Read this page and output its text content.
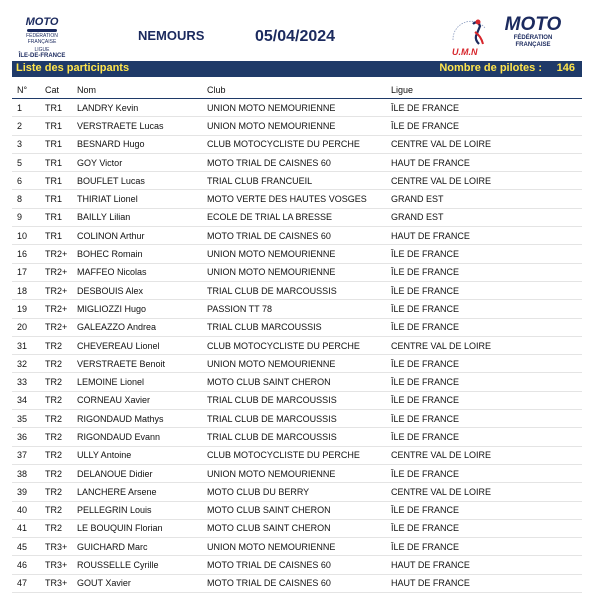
MOTO
FÉDÉRATION FRANÇAISE
LIGUE
ÎLE-DE-FRANCE
NEMOURS	05/04/2024
U.M.N
MOTO
FÉDÉRATION FRANÇAISE
Liste des participants	Nombre de pilotes : 146
N°	Cat	Nom	Club	Ligue
1	TR1	LANDRY Kevin	UNION MOTO NEMOURIENNE	ÎLE DE FRANCE
2	TR1	VERSTRAETE Lucas	UNION MOTO NEMOURIENNE	ÎLE DE FRANCE
3	TR1	BESNARD Hugo	CLUB MOTOCYCLISTE DU PERCHE	CENTRE VAL DE LOIRE
5	TR1	GOY Victor	MOTO TRIAL DE CAISNES 60	HAUT DE FRANCE
6	TR1	BOUFLET Lucas	TRIAL CLUB FRANCUEIL	CENTRE VAL DE LOIRE
8	TR1	THIRIAT Lionel	MOTO VERTE DES HAUTES VOSGES	GRAND EST
9	TR1	BAILLY Lilian	ECOLE DE TRIAL LA BRESSE	GRAND EST
10	TR1	COLINON Arthur	MOTO TRIAL DE CAISNES 60	HAUT DE FRANCE
16	TR2+	BOHEC Romain	UNION MOTO NEMOURIENNE	ÎLE DE FRANCE
17	TR2+	MAFFEO Nicolas	UNION MOTO NEMOURIENNE	ÎLE DE FRANCE
18	TR2+	DESBOUIS Alex	TRIAL CLUB DE MARCOUSSIS	ÎLE DE FRANCE
19	TR2+	MIGLIOZZI Hugo	PASSION TT 78	ÎLE DE FRANCE
20	TR2+	GALEAZZO Andrea	TRIAL CLUB MARCOUSSIS	ÎLE DE FRANCE
31	TR2	CHEVEREAU Lionel	CLUB MOTOCYCLISTE DU PERCHE	CENTRE VAL DE LOIRE
32	TR2	VERSTRAETE Benoit	UNION MOTO NEMOURIENNE	ÎLE DE FRANCE
33	TR2	LEMOINE Lionel	MOTO CLUB SAINT CHERON	ÎLE DE FRANCE
34	TR2	CORNEAU Xavier	TRIAL CLUB DE MARCOUSSIS	ÎLE DE FRANCE
35	TR2	RIGONDAUD Mathys	TRIAL CLUB DE MARCOUSSIS	ÎLE DE FRANCE
36	TR2	RIGONDAUD Evann	TRIAL CLUB DE MARCOUSSIS	ÎLE DE FRANCE
37	TR2	ULLY Antoine	CLUB MOTOCYCLISTE DU PERCHE	CENTRE VAL DE LOIRE
38	TR2	DELANOUE Didier	UNION MOTO NEMOURIENNE	ÎLE DE FRANCE
39	TR2	LANCHERE Arsene	MOTO CLUB DU BERRY	CENTRE VAL DE LOIRE
40	TR2	PELLEGRIN Louis	MOTO CLUB SAINT CHERON	ÎLE DE FRANCE
41	TR2	LE BOUQUIN Florian	MOTO CLUB SAINT CHERON	ÎLE DE FRANCE
45	TR3+	GUICHARD Marc	UNION MOTO NEMOURIENNE	ÎLE DE FRANCE
46	TR3+	ROUSSELLE Cyrille	MOTO TRIAL DE CAISNES 60	HAUT DE FRANCE
47	TR3+	GOUT Xavier	MOTO TRIAL DE CAISNES 60	HAUT DE FRANCE
